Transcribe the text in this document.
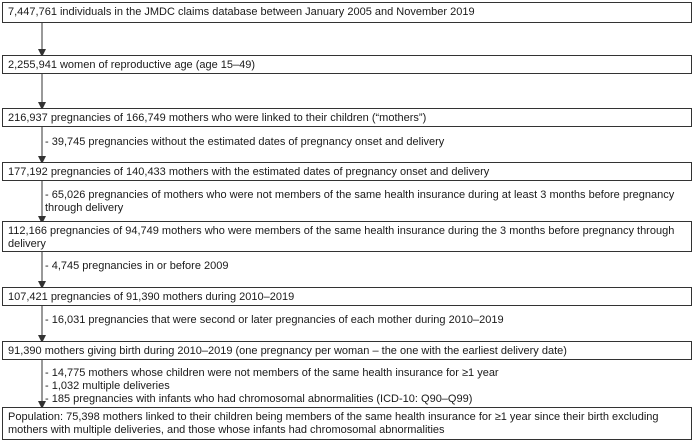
7,447,761 individuals in the JMDC claims database between January 2005 and November 2019
2,255,941 women of reproductive age (age 15–49)
216,937 pregnancies of 166,749 mothers who were linked to their children (“mothers”)
- 39,745 pregnancies without the estimated dates of pregnancy onset and delivery
177,192 pregnancies of 140,433 mothers with the estimated dates of pregnancy onset and delivery
- 65,026 pregnancies of mothers who were not members of the same health insurance during at least 3 months before pregnancy through delivery
112,166 pregnancies of 94,749 mothers who were members of the same health insurance during the 3 months before pregnancy through delivery
- 4,745 pregnancies in or before 2009
107,421 pregnancies of 91,390 mothers during 2010–2019
- 16,031 pregnancies that were second or later pregnancies of each mother during 2010–2019
91,390 mothers giving birth during 2010–2019 (one pregnancy per woman – the one with the earliest delivery date)
- 14,775 mothers whose children were not members of the same health insurance for ≥1 year
- 1,032 multiple deliveries
- 185 pregnancies with infants who had chromosomal abnormalities (ICD-10: Q90–Q99)
Population: 75,398 mothers linked to their children being members of the same health insurance for ≥1 year since their birth excluding mothers with multiple deliveries, and those whose infants had chromosomal abnormalities
